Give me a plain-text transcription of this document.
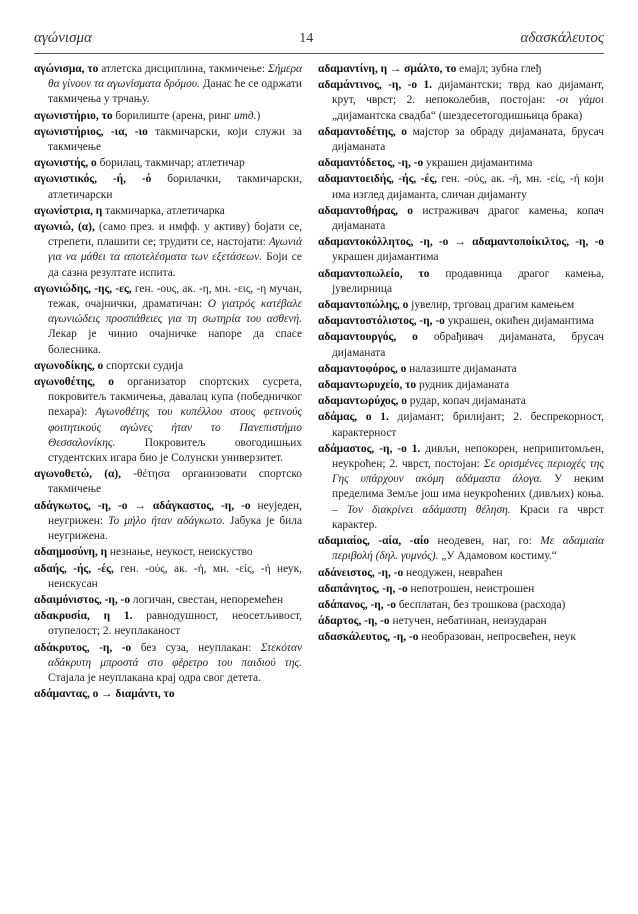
αγώνισμα	14	αδασκάλευτος

αγώνισμα, το атлетска дисциплина, такмичење: Σήμερα θα γίνουν τα αγωνίσματα δρόμου. Данас ће се одржати такмичења у трчању.

αγωνιστήριο, το борилиште (арена, ринг итд.)

αγωνιστήριος, -ια, -ιο такмичарски, који служи за такмичење

αγωνιστής, ο борилац, такмичар; атлетичар

αγωνιστικός, -ή, -ό борилачки, такмичарски, атлетичарски

αγωνίστρια, η такмичарка, атлетичарка

αγωνιώ, (α), (само през. и имфф. у активу) бојати се, стрепети, плашити се; трудити се, настојати: Αγωνιά για να μάθει τα αποτελέσματα των εξετάσεων. Боји се да сазна резултате испита.

αγωνιώδης, -ης, -ες, ген. -ους, ак. -η, мн. -εις, -η мучан, тежак, очајнички, драматичан: Ο γιατρός κατέβαλε αγωνιώδεις προσπάθειες για τη σωτηρία του ασθενή. Лекар је чинио очајничке напоре да спасе болесника.

αγωνοδίκης, ο спортски судија

αγωνοθέτης, ο организатор спортских сусрета, покровитељ такмичења, давалац купа (победничког пехара): Αγωνοθέτης του κυπέλλου στους φετινούς φοιτητικούς αγώνες ήταν το Πανεπιστήμιο Θεσσαλονίκης. Покровитељ овогодишњих студентских игара био је Солунски универзитет.

αγωνοθετώ, (α), -θέτησα организовати спортско такмичење

αδάγκωτος, -η, -ο → αδάγκαστος, -η, -ο неуједен, неугрижен: Το μήλο ήταν αδάγκωτο. Јабука је била неугрижена.

αδαημοσύνη, η незнање, неукост, неискуство

αδαής, -ής, -ές, ген. -ούς, ак. -ή, мн. -είς, -ή неук, неискусан

αδαιμόνιστος, -η, -ο логичан, свестан, непоремећен

αδακρυσία, η 1. равнодушност, неосетљивост, отупелост; 2. неуплаканост

αδάκρυτος, -η, -ο без суза, неуплакан: Στεκόταν αδάκρυτη μπροστά στο φέρετρο του παιδιού της. Стајала је неуплакана крај одра свог детета.

αδάμαντας, ο → διαμάντι, το

αδαμαντίνη, η → σμάλτο, το емајл; зубна глеђ

αδαμάντινος, -η, -ο 1. дијамантски; тврд као дијамант, крут, чврст; 2. непоколебив, постојан: -οι γάμοι „дијамантска свадба“ (шездесетогодишњица брака)

αδαμαντοδέτης, ο мајстор за обраду дијаманата, брусач дијаманата

αδαμαντόδετος, -η, -ο украшен дијамантима

αδαμαντοειδής, -ής, -ές, ген. -ούς, ак. -ή, мн. -είς, -ή који има изглед дијаманта, сличан дијаманту

αδαμαντοθήρας, ο истраживач драгог камења, копач дијаманата

αδαμαντοκόλλητος, -η, -ο → αδαμαντοποίκιλτος, -η, -ο украшен дијамантима

αδαμαντοπωλείο, το продавница драгог камења, јувелирница

αδαμαντοπώλης, ο јувелир, трговац драгим камењем

αδαμαντοστόλιστος, -η, -ο украшен, окићен дијамантима

αδαμαντουργός, ο обрађивач дијаманата, брусач дијаманата

αδαμαντοφόρος, ο налазиште дијаманата

αδαμαντωρυχείο, το рудник дијаманата

αδαμαντωρύχος, ο рудар, копач дијаманата

αδάμας, ο 1. дијамант; брилијант; 2. беспрекорност, карактерност

αδάμαστος, -η, -ο 1. дивљи, непокорен, неприпитомљен, неукроћен; 2. чврст, постојан: Σε ορισμένες περιοχές της Γης υπάρχουν ακόμη αδάμαστα άλογα. У неким пределима Земље још има неукроћених (дивљих) коња. – Τον διακρίνει αδάμαστη θέληση. Краси га чврст карактер.

αδαμιαίος, -αία, -αίο неодевен, наг, го: Με αδαμιαία περιβολή (δηλ. γυμνός). „У Адамовом костиму.“

αδάνειστος, -η, -ο неодужен, невраћен

αδαπάνητος, -η, -ο непотрошен, неистрошен

αδάπανος, -η, -ο бесплатан, без трошкова (расхода)

άδαρτος, -η, -ο нетучен, небатинан, неизударан

αδασκάλευτος, -η, -ο необразован, непросвећен, неук
